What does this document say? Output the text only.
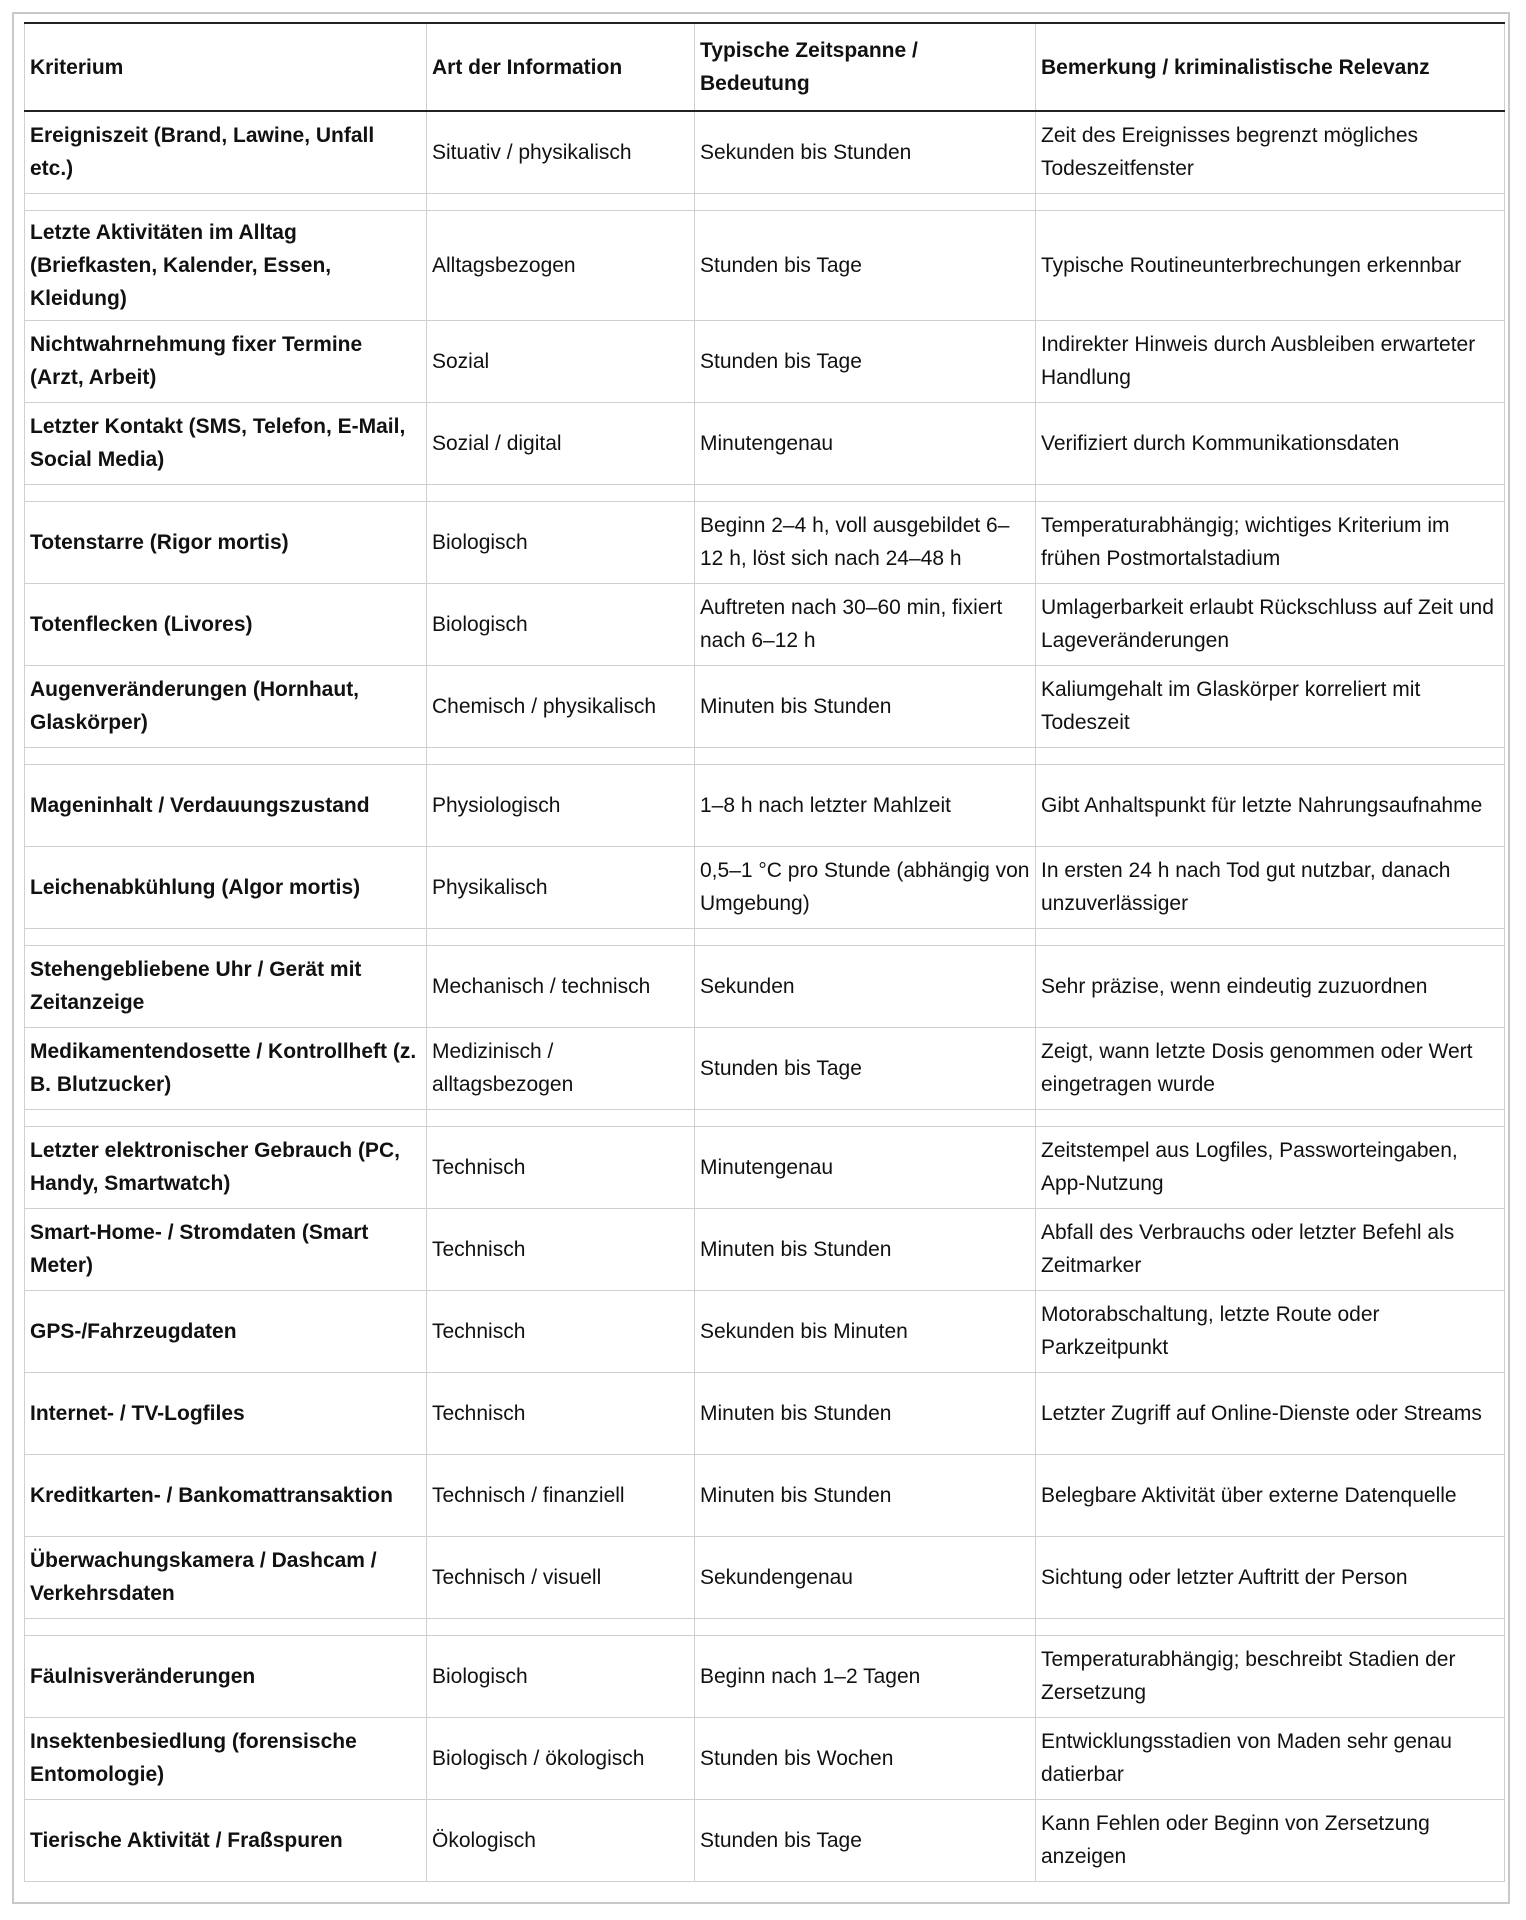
Kriterium	Art der Information	Typische Zeitspanne / Bedeutung	Bemerkung / kriminalistische Relevanz
Ereigniszeit (Brand, Lawine, Unfall etc.)	Situativ / physikalisch	Sekunden bis Stunden	Zeit des Ereignisses begrenzt mögliches Todeszeitfenster

Letzte Aktivitäten im Alltag (Briefkasten, Kalender, Essen, Kleidung)	Alltagsbezogen	Stunden bis Tage	Typische Routineunterbrechungen erkennbar
Nichtwahrnehmung fixer Termine (Arzt, Arbeit)	Sozial	Stunden bis Tage	Indirekter Hinweis durch Ausbleiben erwarteter Handlung
Letzter Kontakt (SMS, Telefon, E-Mail, Social Media)	Sozial / digital	Minutengenau	Verifiziert durch Kommunikationsdaten

Totenstarre (Rigor mortis)	Biologisch	Beginn 2–4 h, voll ausgebildet 6–12 h, löst sich nach 24–48 h	Temperaturabhängig; wichtiges Kriterium im frühen Postmortalstadium
Totenflecken (Livores)	Biologisch	Auftreten nach 30–60 min, fixiert nach 6–12 h	Umlagerbarkeit erlaubt Rückschluss auf Zeit und Lageveränderungen
Augenveränderungen (Hornhaut, Glaskörper)	Chemisch / physikalisch	Minuten bis Stunden	Kaliumgehalt im Glaskörper korreliert mit Todeszeit

Mageninhalt / Verdauungszustand	Physiologisch	1–8 h nach letzter Mahlzeit	Gibt Anhaltspunkt für letzte Nahrungsaufnahme
Leichenabkühlung (Algor mortis)	Physikalisch	0,5–1 °C pro Stunde (abhängig von Umgebung)	In ersten 24 h nach Tod gut nutzbar, danach unzuverlässiger

Stehengebliebene Uhr / Gerät mit Zeitanzeige	Mechanisch / technisch	Sekunden	Sehr präzise, wenn eindeutig zuzuordnen
Medikamentendosette / Kontrollheft (z. B. Blutzucker)	Medizinisch / alltagsbezogen	Stunden bis Tage	Zeigt, wann letzte Dosis genommen oder Wert eingetragen wurde

Letzter elektronischer Gebrauch (PC, Handy, Smartwatch)	Technisch	Minutengenau	Zeitstempel aus Logfiles, Passworteingaben, App-Nutzung
Smart-Home- / Stromdaten (Smart Meter)	Technisch	Minuten bis Stunden	Abfall des Verbrauchs oder letzter Befehl als Zeitmarker
GPS-/Fahrzeugdaten	Technisch	Sekunden bis Minuten	Motorabschaltung, letzte Route oder Parkzeitpunkt
Internet- / TV-Logfiles	Technisch	Minuten bis Stunden	Letzter Zugriff auf Online-Dienste oder Streams
Kreditkarten- / Bankomattransaktion	Technisch / finanziell	Minuten bis Stunden	Belegbare Aktivität über externe Datenquelle
Überwachungskamera / Dashcam / Verkehrsdaten	Technisch / visuell	Sekundengenau	Sichtung oder letzter Auftritt der Person

Fäulnisveränderungen	Biologisch	Beginn nach 1–2 Tagen	Temperaturabhängig; beschreibt Stadien der Zersetzung
Insektenbesiedlung (forensische Entomologie)	Biologisch / ökologisch	Stunden bis Wochen	Entwicklungsstadien von Maden sehr genau datierbar
Tierische Aktivität / Fraßspuren	Ökologisch	Stunden bis Tage	Kann Fehlen oder Beginn von Zersetzung anzeigen
